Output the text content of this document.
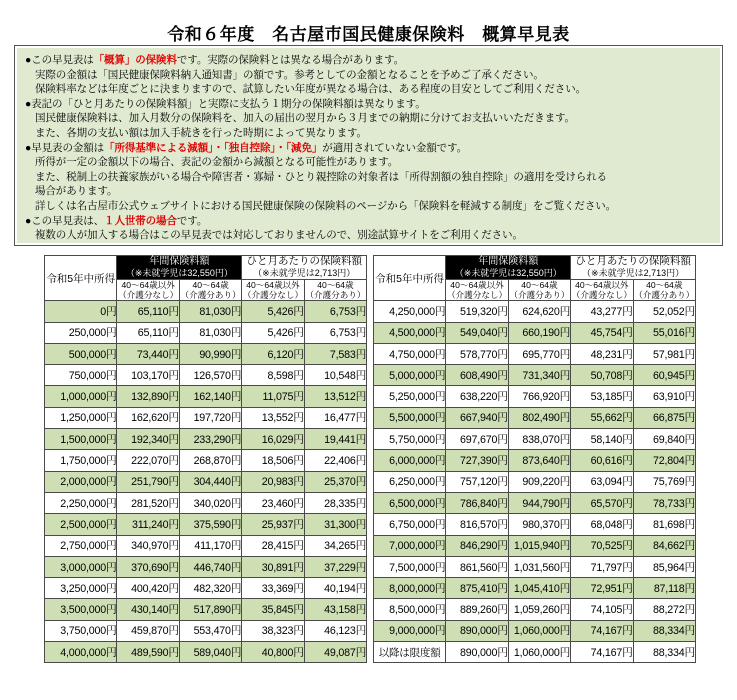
令和６年度　名古屋市国民健康保険料　概算早見表
●この早見表は「概算」の保険料です。実際の保険料とは異なる場合があります。
実際の金額は「国民健康保険料納入通知書」の額です。参考としての金額となることを予めご了承ください。
保険料率などは年度ごとに決まりますので、試算したい年度が異なる場合は、ある程度の目安としてご利用ください。
●表記の「ひと月あたりの保険料額」と実際に支払う１期分の保険料額は異なります。
国民健康保険料は、加入月数分の保険料を、加入の届出の翌月から３月までの納期に分けてお支払いいただきます。
また、各期の支払い額は加入手続きを行った時期によって異なります。
●早見表の金額は「所得基準による減額」・「独自控除」・「減免」が適用されていない金額です。
所得が一定の金額以下の場合、表記の金額から減額となる可能性があります。
また、税制上の扶養家族がいる場合や障害者・寡婦・ひとり親控除の対象者は「所得割額の独自控除」の適用を受けられる
場合があります。
詳しくは名古屋市公式ウェブサイトにおける国民健康保険の保険料のページから「保険料を軽減する制度」をご覧ください。
●この早見表は、１人世帯の場合です。
複数の人が加入する場合はこの早見表では対応しておりませんので、別途試算サイトをご利用ください。
令和5年中所得	
年間保険料額
（※未就学児は32,550円）

ひと月あたりの保険料額
（※未就学児は2,713円）

40～64歳以外
（介護分なし）

40～64歳
（介護分あり）

40～64歳以外
（介護分なし）

40～64歳
（介護分あり）

0円	65,110円	81,030円	5,426円	6,753円
250,000円	65,110円	81,030円	5,426円	6,753円
500,000円	73,440円	90,990円	6,120円	7,583円
750,000円	103,170円	126,570円	8,598円	10,548円
1,000,000円	132,890円	162,140円	11,075円	13,512円
1,250,000円	162,620円	197,720円	13,552円	16,477円
1,500,000円	192,340円	233,290円	16,029円	19,441円
1,750,000円	222,070円	268,870円	18,506円	22,406円
2,000,000円	251,790円	304,440円	20,983円	25,370円
2,250,000円	281,520円	340,020円	23,460円	28,335円
2,500,000円	311,240円	375,590円	25,937円	31,300円
2,750,000円	340,970円	411,170円	28,415円	34,265円
3,000,000円	370,690円	446,740円	30,891円	37,229円
3,250,000円	400,420円	482,320円	33,369円	40,194円
3,500,000円	430,140円	517,890円	35,845円	43,158円
3,750,000円	459,870円	553,470円	38,323円	46,123円
4,000,000円	489,590円	589,040円	40,800円	49,087円
令和5年中所得	
年間保険料額
（※未就学児は32,550円）

ひと月あたりの保険料額
（※未就学児は2,713円）

40～64歳以外
（介護分なし）

40～64歳
（介護分あり）

40～64歳以外
（介護分なし）

40～64歳
（介護分あり）

4,250,000円	519,320円	624,620円	43,277円	52,052円
4,500,000円	549,040円	660,190円	45,754円	55,016円
4,750,000円	578,770円	695,770円	48,231円	57,981円
5,000,000円	608,490円	731,340円	50,708円	60,945円
5,250,000円	638,220円	766,920円	53,185円	63,910円
5,500,000円	667,940円	802,490円	55,662円	66,875円
5,750,000円	697,670円	838,070円	58,140円	69,840円
6,000,000円	727,390円	873,640円	60,616円	72,804円
6,250,000円	757,120円	909,220円	63,094円	75,769円
6,500,000円	786,840円	944,790円	65,570円	78,733円
6,750,000円	816,570円	980,370円	68,048円	81,698円
7,000,000円	846,290円	1,015,940円	70,525円	84,662円
7,500,000円	861,560円	1,031,560円	71,797円	85,964円
8,000,000円	875,410円	1,045,410円	72,951円	87,118円
8,500,000円	889,260円	1,059,260円	74,105円	88,272円
9,000,000円	890,000円	1,060,000円	74,167円	88,334円
以降は限度額	890,000円	1,060,000円	74,167円	88,334円
